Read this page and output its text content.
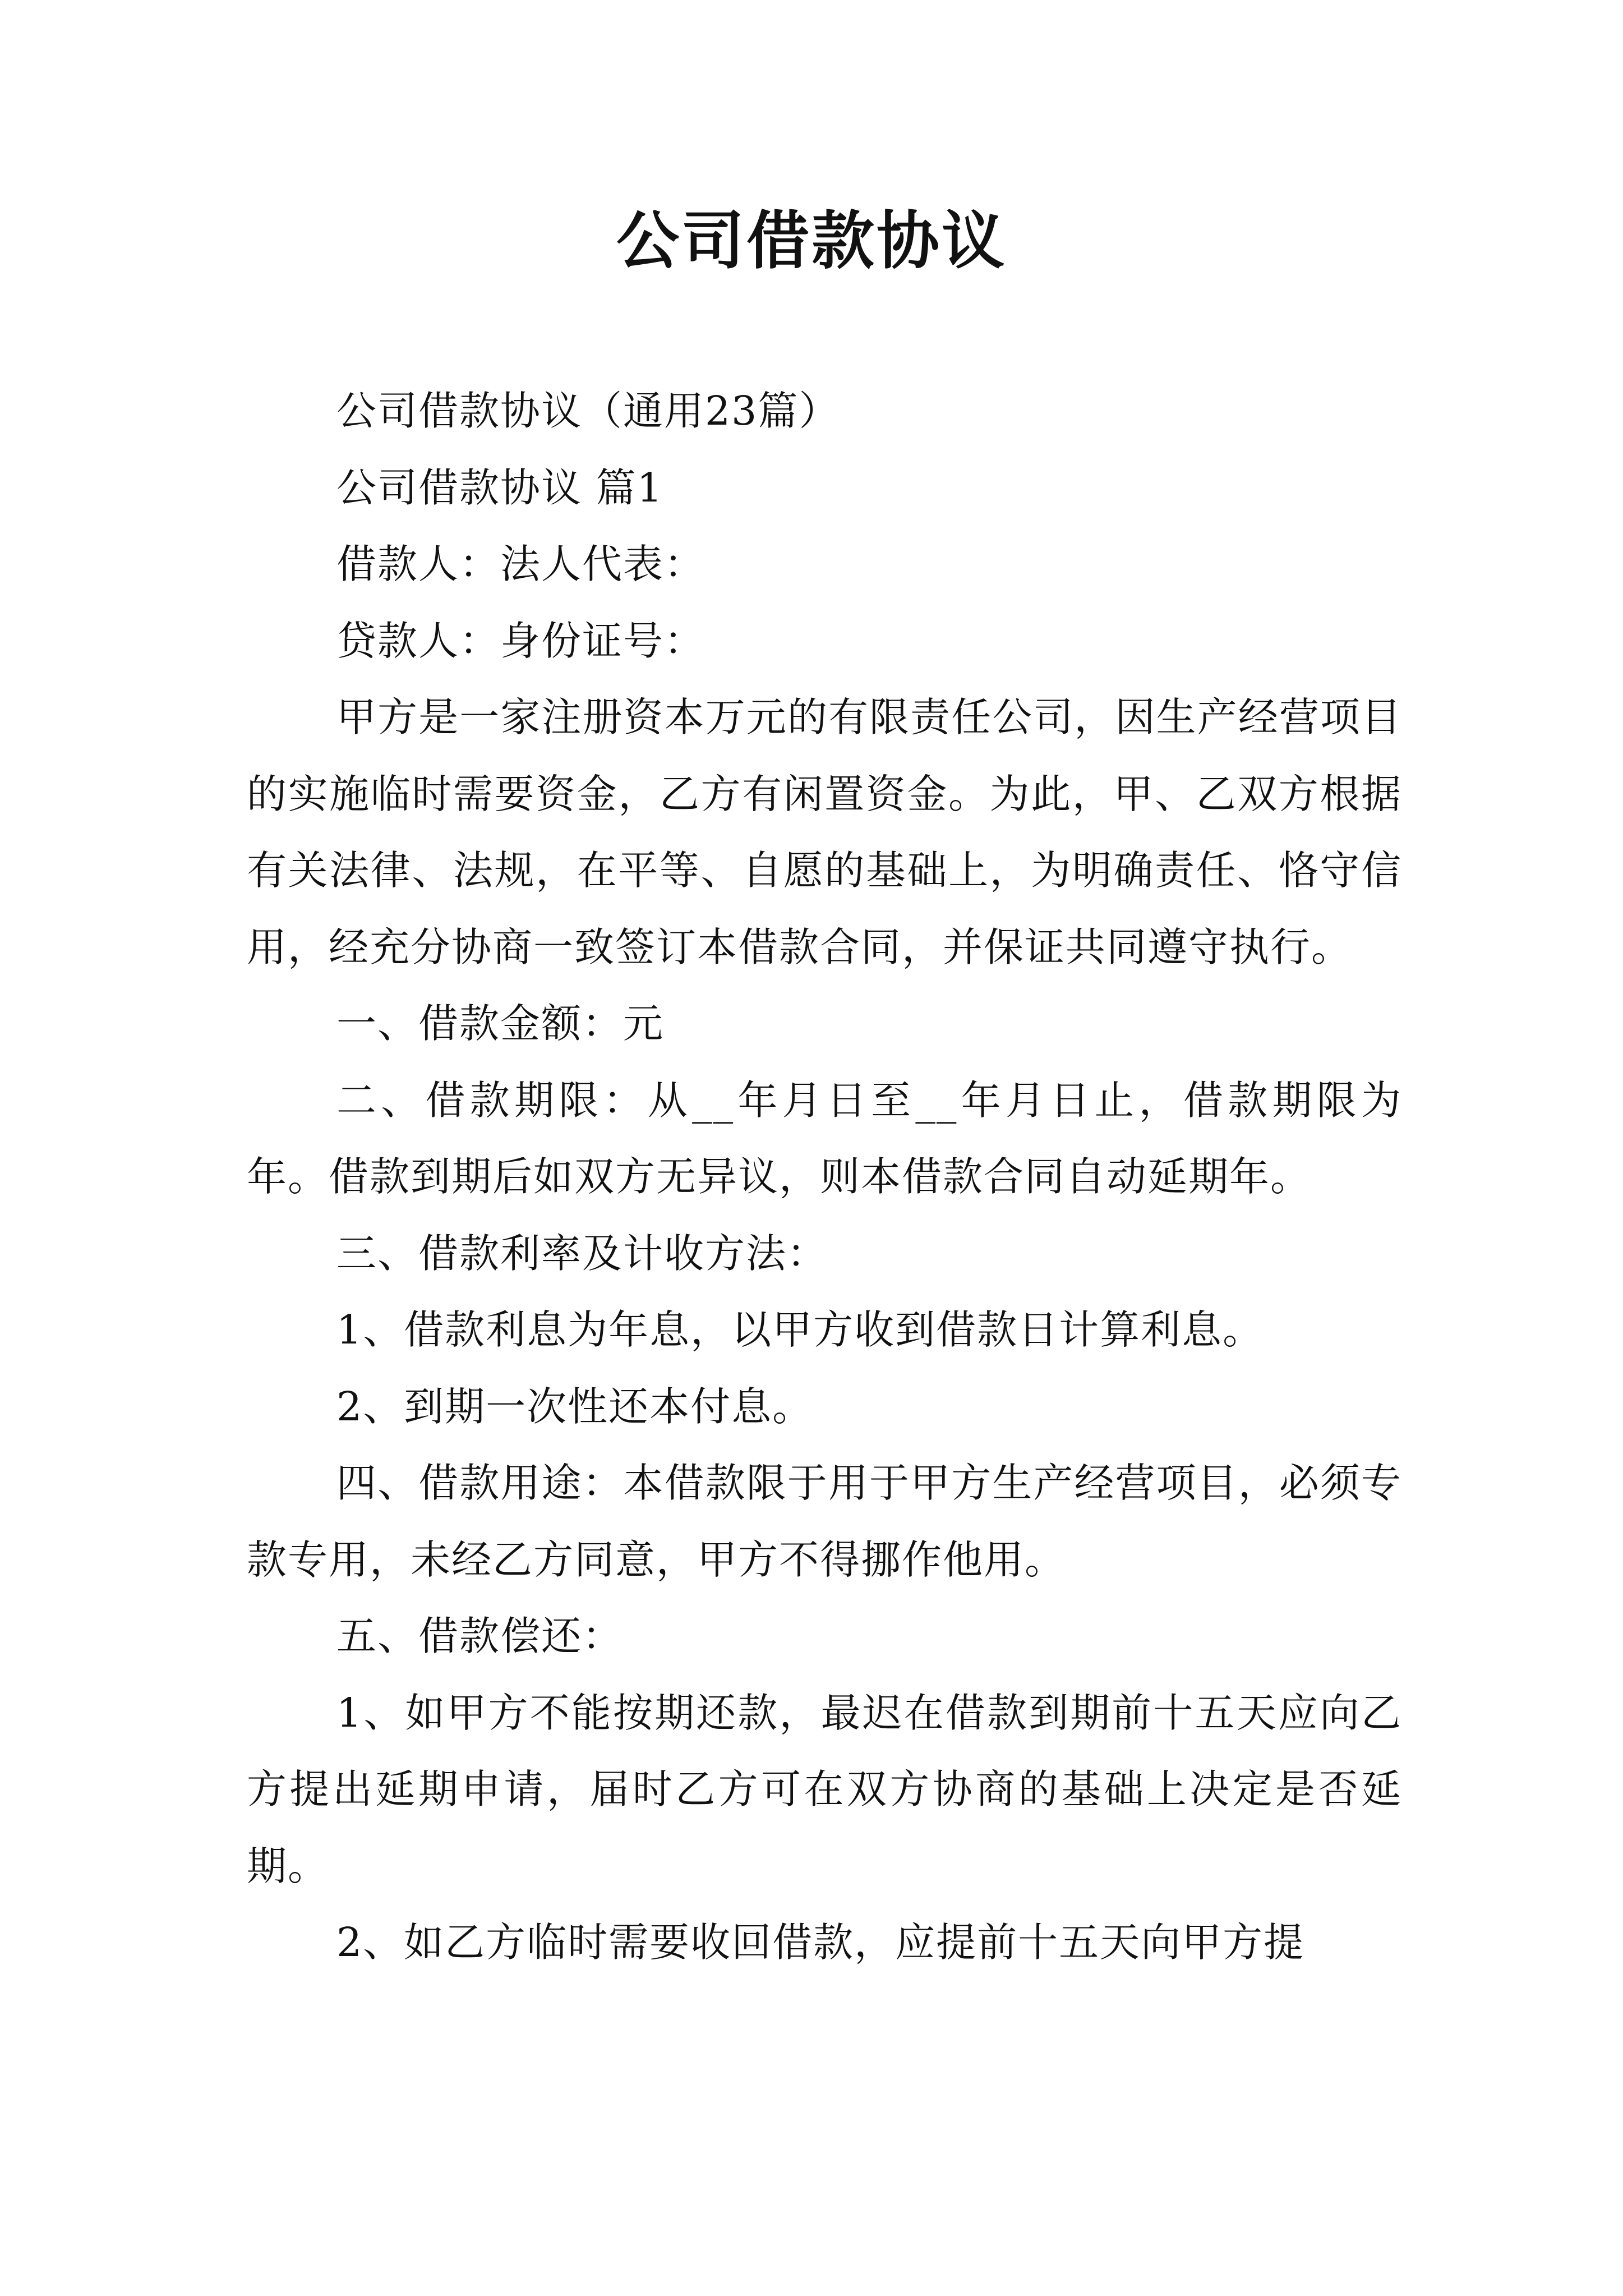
公司借款协议

公司借款协议（通用23篇）

公司借款协议 篇1

借款人：法人代表：

贷款人：身份证号：

甲方是一家注册资本万元的有限责任公司，因生产经营项目的实施临时需要资金，乙方有闲置资金。为此，甲、乙双方根据有关法律、法规，在平等、自愿的基础上，为明确责任、恪守信用，经充分协商一致签订本借款合同，并保证共同遵守执行。

一、借款金额：元

二、借款期限：从__年月日至__年月日止，借款期限为年。借款到期后如双方无异议，则本借款合同自动延期年。

三、借款利率及计收方法：

1、借款利息为年息，以甲方收到借款日计算利息。

2、到期一次性还本付息。

四、借款用途：本借款限于用于甲方生产经营项目，必须专款专用，未经乙方同意，甲方不得挪作他用。

五、借款偿还：

1、如甲方不能按期还款，最迟在借款到期前十五天应向乙方提出延期申请，届时乙方可在双方协商的基础上决定是否延期。

2、如乙方临时需要收回借款，应提前十五天向甲方提
